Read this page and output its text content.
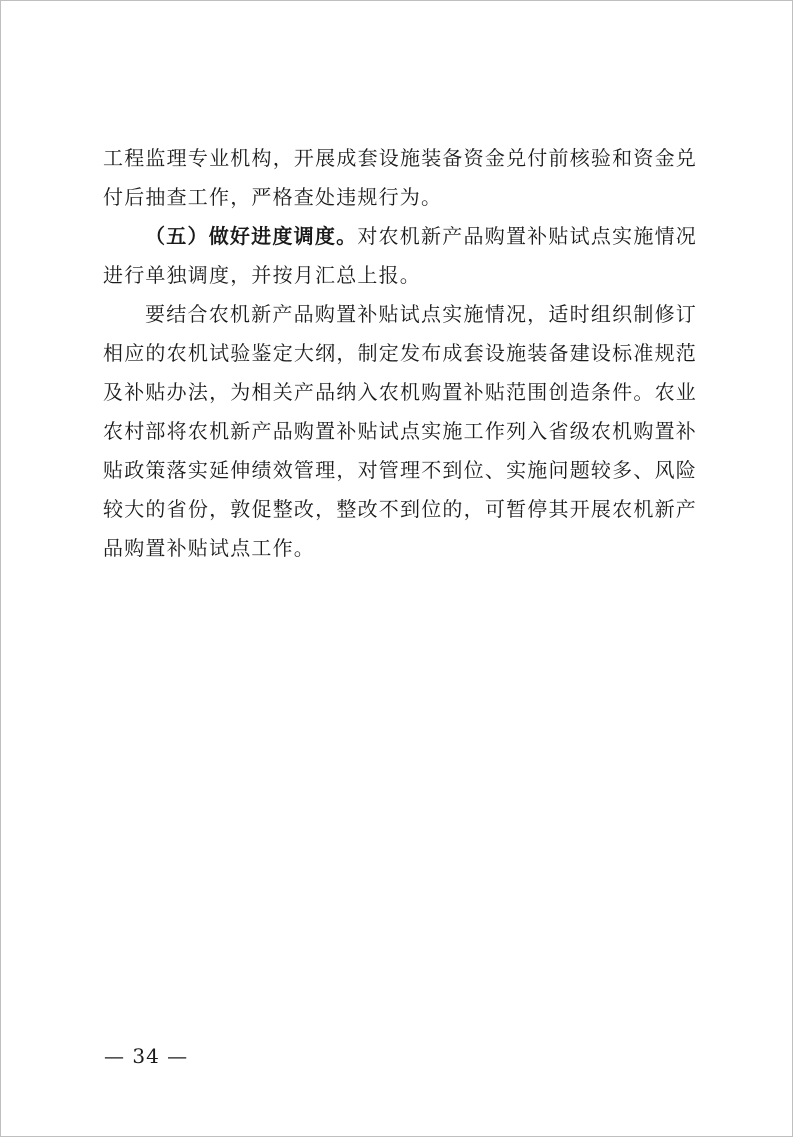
工程监理专业机构，开展成套设施装备资金兑付前核验和资金兑付后抽查工作，严格查处违规行为。

（五）做好进度调度。对农机新产品购置补贴试点实施情况进行单独调度，并按月汇总上报。

要结合农机新产品购置补贴试点实施情况，适时组织制修订相应的农机试验鉴定大纲，制定发布成套设施装备建设标准规范及补贴办法，为相关产品纳入农机购置补贴范围创造条件。农业农村部将农机新产品购置补贴试点实施工作列入省级农机购置补贴政策落实延伸绩效管理，对管理不到位、实施问题较多、风险较大的省份，敦促整改，整改不到位的，可暂停其开展农机新产品购置补贴试点工作。

— 34 —
